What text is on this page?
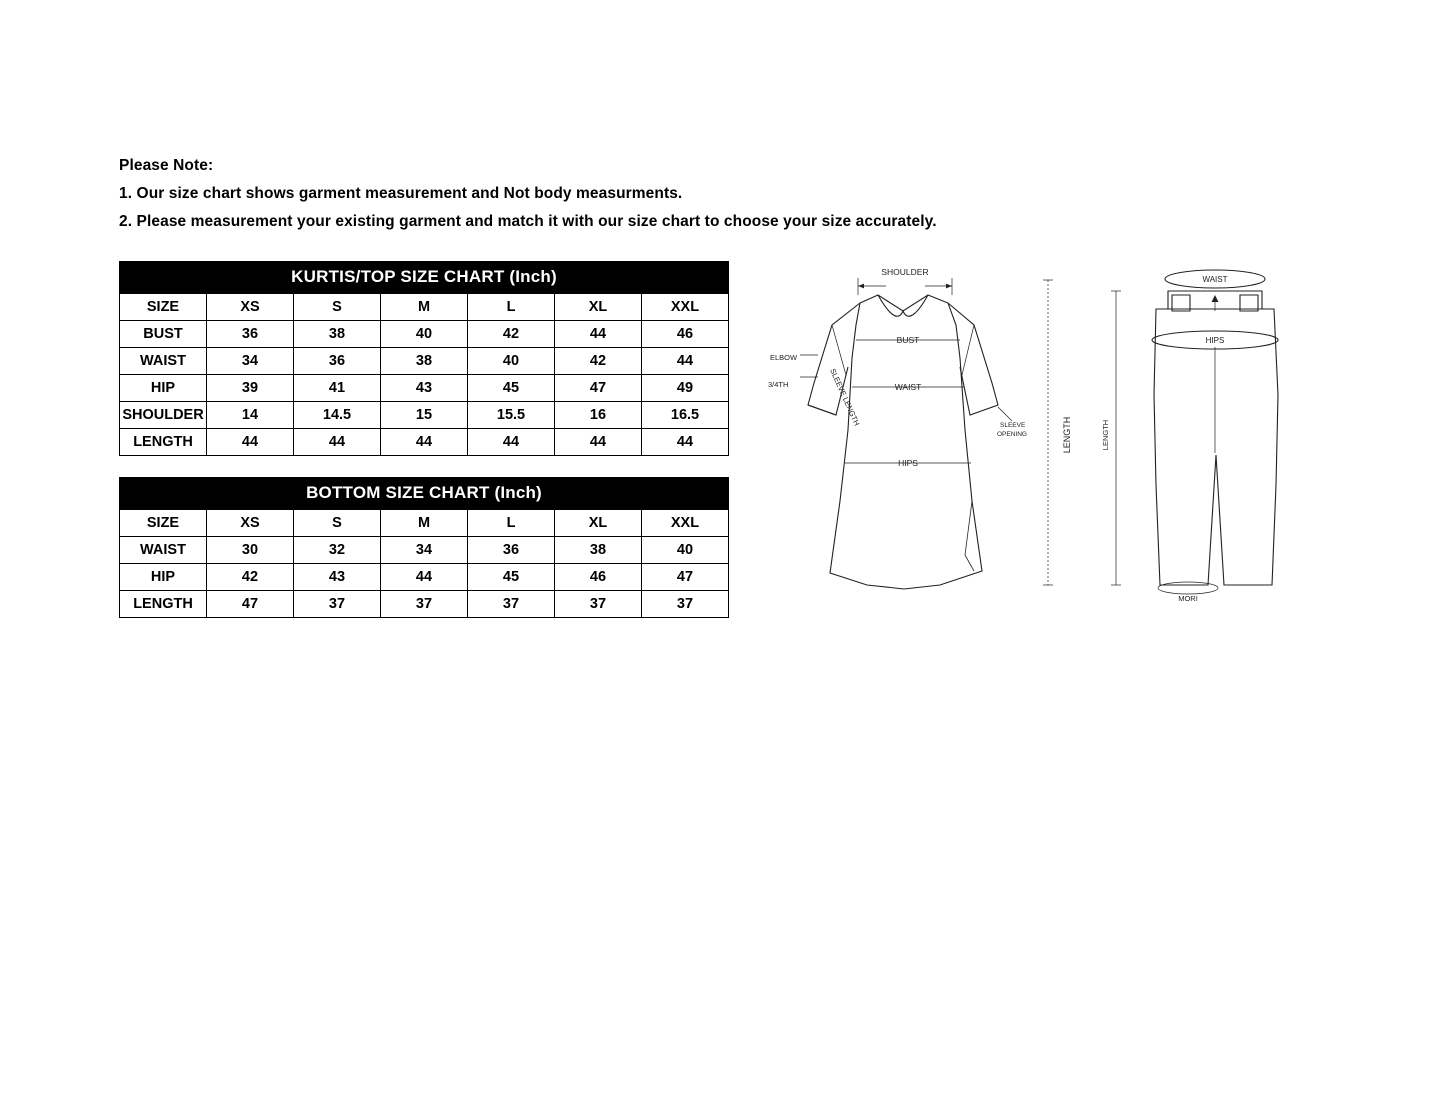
Please Note:
1. Our size chart shows garment measurement and Not body measurments.
2. Please measurement your existing garment and match it with our size chart to choose your size accurately.
KURTIS/TOP SIZE CHART (Inch)						
SIZE	XS	S	M	L	XL	XXL
BUST	36	38	40	42	44	46
WAIST	34	36	38	40	42	44
HIP	39	41	43	45	47	49
SHOULDER	14	14.5	15	15.5	16	16.5
LENGTH	44	44	44	44	44	44
BOTTOM SIZE CHART (Inch)						
SIZE	XS	S	M	L	XL	XXL
WAIST	30	32	34	36	38	40
HIP	42	43	44	45	46	47
LENGTH	47	37	37	37	37	37
SHOULDER
BUST
WAIST
HIPS
ELBOW
3/4TH	SLEEVE LENGTH	SLEEVE
OPENING	LENGTH
WAIST
HIPS
LENGTH
MORI
